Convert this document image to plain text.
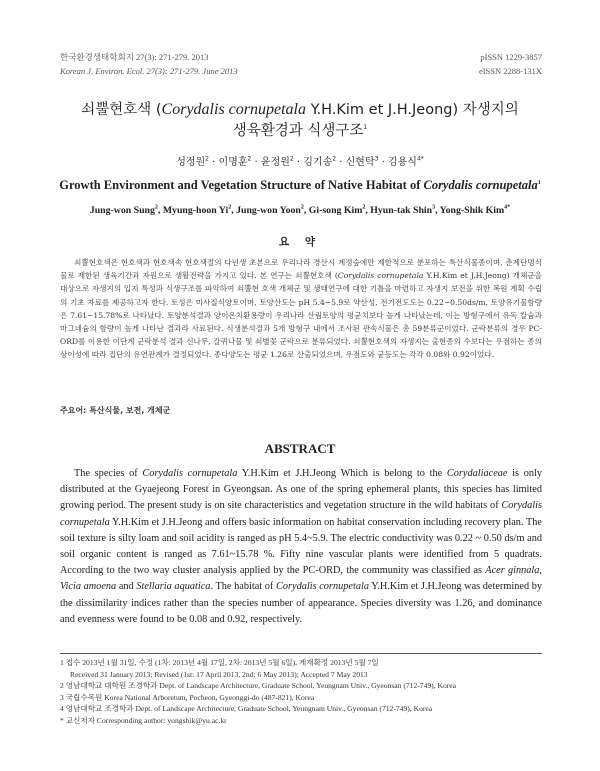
한국환경생태학회지 27(3): 271-279. 2013
Korean J. Environ. Ecol. 27(3): 271-279. June 2013
pISSN 1229-3857
eISSN 2288-131X
쇠뿔현호색 (Corydalis cornupetala Y.H.Kim et J.H.Jeong) 자생지의
생육환경과 식생구조$^1$
성정원$^2$ · 이명훈$^2$ · 윤정원$^2$ · 김기송$^2$ · 신현탁$^3$ · 김용식$^{4*}$
Growth Environment and Vegetation Structure of Native Habitat of Corydalis cornupetala$^1$
Jung-won Sung$^2$, Myung-hoon Yi$^2$, Jung-won Yoon$^2$, Gi-song Kim$^2$, Hyun-tak Shin$^3$, Yong-Shik Kim$^{4*}$
요 약
쇠뿔현호색은 현호색과 현호색속 현호색절의 다년생 초본으로 우리나라 경산시 계정숲에만 제한적으로 분포하는 특산식물종이며, 춘계단명식물로 제한된 생육기간과 자원으로 생활전략을 가지고 있다. 본 연구는 쇠뿔현호색 (Corydalis cornupetala Y.H.Kim et J.H.Jeong) 개체군을 대상으로 자생지의 입지 특성과 식생구조를 파악하여 쇠뿔현 호색 개체군 및 생태연구에 대한 기틀을 마련하고 자생지 보전을 위한 복원 계획 수립의 기초 자료를 제공하고자 한다. 토성은 미사질식양토이며, 토양산도는 pH 5.4~5.9로 약산성, 전기전도도는 0.22~0.50ds/m, 토양유기물함량은 7.61~15.78%로 나타났다. 토양분석결과 양이온치환용량이 우리나라 산림토양의 평균치보다 높게 나타났는데, 이는 방형구에서 유독 칼슘과 마그네슘의 함량이 높게 나타난 결과라 사료된다. 식생분석결과 5개 방형구 내에서 조사된 관속식물은 총 59분류군이었다. 군락분류의 경우 PC-ORD를 이용한 이단계 군락분석 결과 신나무, 갈퀴나물 및 쇠별꽃 군락으로 분류되었다. 쇠뿔현호색의 자생지는 출현종의 수보다는 우점하는 종의 상이성에 따라 집단의 유연관계가 결정되었다. 종다양도는 평균 1.26로 산출되었으며, 우점도와 균등도는 각각 0.08와 0.92이었다.
주요어: 특산식물, 보전, 개체군
ABSTRACT
The species of Corydalis cornupetala Y.H.Kim et J.H.Jeong Which is belong to the Corydaliaceae is only distributed at the Gyaejeong Forest in Gyeongsan. As one of the spring ephemeral plants, this species has limited growing period. The present study is on site characteristics and vegetation structure in the wild habitats of Corydalis cornupetala Y.H.Kim et J.H.Jeong and offers basic information on habitat conservation including recovery plan. The soil texture is silty loam and soil acidity is ranged as pH 5.4~5.9. The electric conductivity was 0.22 ~ 0.50 ds/m and soil organic content is ranged as 7.61~15.78 %. Fifty nine vascular plants were identified from 5 quadrats. According to the two way cluster analysis applied by the PC-ORD, the community was classified as Acer ginnala, Vicia amoena and Stellaria aquatica. The habitat of Corydalis cornupetala Y.H.Kim et J.H.Jeong was determined by the dissimilarity indices rather than the species number of appearance. Species diversity was 1.26, and dominance and evenness were found to be 0.08 and 0.92, respectively.
1 접수 2013년 1월 31일, 수정 (1차: 2013년 4월 17일, 2차: 2013년 5월 6일), 게재확정 2013년 5월 7일
Received 31 January 2013; Revised (1st: 17 April 2013, 2nd: 6 May 2013); Accepted 7 May 2013
2 영남대학교 대학원 조경학과 Dept. of Landscape Architecture, Graduate School, Yeungnam Univ., Gyeonsan (712-749), Korea
3 국립수목원 Korea National Arboretum, Pocheon, Gyeonggi-do (487-821), Korea
4 영남대학교 조경학과 Dept. of Landscape Architecture, Graduate School, Yeungnam Univ., Gyeonsan (712-749), Korea
* 교신저자 Corresponding author: yongshik@yu.ac.kr
